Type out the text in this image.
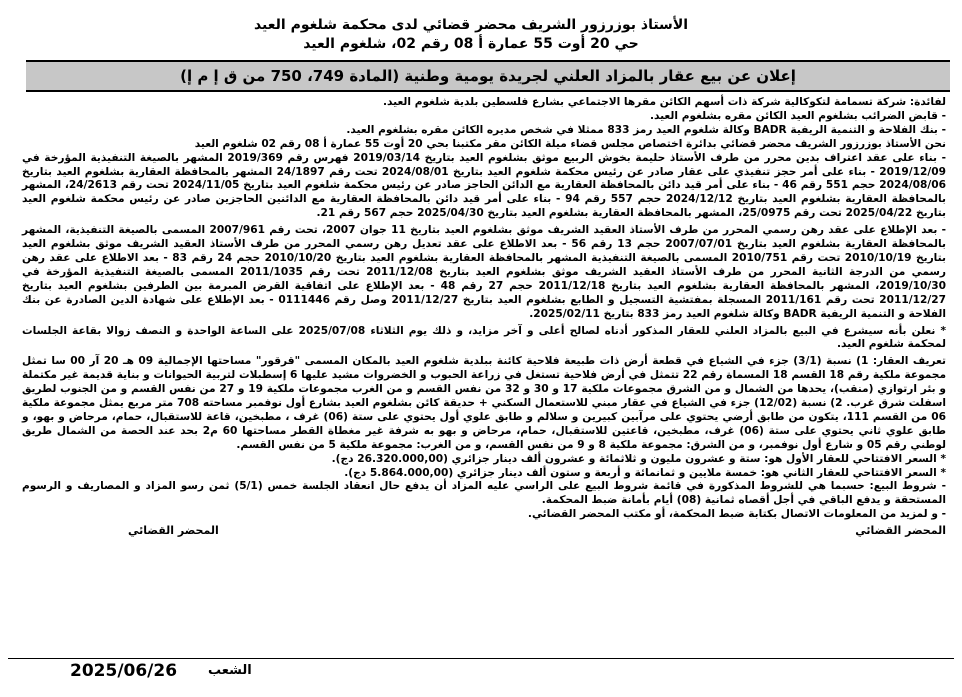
الأستاذ بوزرزور الشريف محضر قضائي لدى محكمة شلغوم العيد
حي 20 أوت 55 عمارة أ 08 رقم 02، شلغوم العيد
إعلان عن بيع عقار بالمزاد العلني لجريدة يومية وطنية (المادة 749، 750 من ق إ م إ)

لفائدة: شركة تسمامة لتكوكالية شركة ذات أسهم الكائن مقرها الاجتماعي بشارع فلسطين بلدية شلغوم العيد.

- قابض الضرائب بشلغوم العيد الكائن مقره بشلغوم العيد.

- بنك الفلاحة و التنمية الريفية BADR وكالة شلغوم العيد رمز 833 ممثلا في شخص مديره الكائن مقره بشلغوم العيد.

نحن الأستاذ بوزرزور الشريف محضر قضائي بدائرة اختصاص مجلس قضاء ميلة الكائن مقر مكتبنا بحي 20 أوت 55 عمارة أ 08 رقم 02 شلغوم العيد

- بناء على عقد اعتراف بدين محرر من طرف الأستاذ حليمة بخوش الربيع موثق بشلغوم العيد بتاريخ 2019/03/14 فهرس رقم 2019/369 المشهر بالصيغة التنفيذية المؤرخة في 2019/12/09 - بناء على أمر حجز تنفيذي على عقار صادر عن رئيس محكمة شلغوم العيد بتاريخ 2024/08/01 تحت رقم 24/1897 المشهر بالمحافظة العقارية بشلغوم العيد بتاريخ 2024/08/06 حجم 551 رقم 46 - بناء على أمر قيد دائن بالمحافظة العقارية مع الدائن الحاجز صادر عن رئيس محكمة شلغوم العيد بتاريخ 2024/11/05 تحت رقم 24/2613، المشهر بالمحافظة العقارية بشلغوم العيد بتاريخ 2024/12/12 حجم 557 رقم 94 - بناء على أمر قيد دائن بالمحافظة العقارية مع الدائنين الحاجزين صادر عن رئيس محكمة شلغوم العيد بتاريخ 2025/04/22 تحت رقم 25/0975، المشهر بالمحافظة العقارية بشلغوم العيد بتاريخ 2025/04/30 حجم 567 رقم 21.

- بعد الإطلاع على عقد رهن رسمي المحرر من طرف الأستاذ العقيد الشريف موثق بشلغوم العيد بتاريخ 11 جوان 2007، تحت رقم 2007/961 المسمى بالصيغة التنفيذية، المشهر بالمحافظة العقارية بشلغوم العيد بتاريخ 2007/07/01 حجم 13 رقم 56 - بعد الاطلاع على عقد تعديل رهن رسمي المحرر من طرف الأستاذ العقيد الشريف موثق بشلغوم العيد بتاريخ 2010/10/19 تحت رقم 2010/751 المسمى بالصيغة التنفيذية المشهر بالمحافظة العقارية بشلغوم العيد بتاريخ 2010/10/20 حجم 24 رقم 83 - بعد الاطلاع على عقد رهن رسمي من الدرجة الثانية المحرر من طرف الأستاذ العقيد الشريف موثق بشلغوم العيد بتاريخ 2011/12/08 تحت رقم 2011/1035 المسمى بالصيغة التنفيذية المؤرخة في 2019/10/30، المشهر بالمحافظة العقارية بشلغوم العيد بتاريخ 2011/12/18 حجم 27 رقم 48 - بعد الإطلاع على اتفاقية القرض المبرمة بين الطرفين بشلغوم العيد بتاريخ 2011/12/27 تحت رقم 2011/161 المسجلة بمفتشية التسجيل و الطابع بشلغوم العيد بتاريخ 2011/12/27 وصل رقم 0111446 - بعد الإطلاع على شهادة الدين الصادرة عن بنك الفلاحة و التنمية الريفية BADR وكالة شلغوم العيد رمز 833 بتاريخ 2025/02/11.

* نعلن بأنه سيشرع في البيع بالمزاد العلني للعقار المذكور أدناه لصالح أعلى و آخر مزايد، و ذلك يوم الثلاثاء 2025/07/08 على الساعة الواحدة و النصف زوالا بقاعة الجلسات لمحكمة شلغوم العيد.

تعريف العقار: 1) نسبة (3/1) جزء في الشياع في قطعة أرض ذات طبيعة فلاحية كائنة ببلدية شلغوم العيد بالمكان المسمى "قرقور" مساحتها الإجمالية 09 هـ 20 آر 00 سا تمثل مجموعة ملكية رقم 18 القسم 18 المسماة رقم 22 تتمثل في أرض فلاحية تستغل في زراعة الحبوب و الخضروات مشيد عليها 6 إسطبلات لتربية الحيوانات و بناية قديمة غير مكتملة و بئر ارتوازي (منقب)، يحدها من الشمال و من الشرق مجموعات ملكية 17 و 30 و 32 من نفس القسم و من الغرب مجموعات ملكية 19 و 27 من نفس القسم و من الجنوب لطريق اسفلت شرق غرب. 2) نسبة (12/02) جزء في الشياع في عقار مبني للاستعمال السكني + حديقة كائن بشلغوم العيد بشارع أول نوفمبر مساحته 708 متر مربع يمثل مجموعة ملكية 06 من القسم 111، يتكون من طابق أرضي يحتوي على مرآبين كبيرين و سلالم و طابق علوي أول يحتوي على ستة (06) غرف ، مطبخين، قاعة للاستقبال، حمام، مرحاض و بهو، و طابق علوي ثاني يحتوي على ستة (06) غرف، مطبخين، قاعتين للاستقبال، حمام، مرحاض و بهو به شرفة غير مغطاة القطر مساحتها 60 م2 بحد عند الحصة من الشمال طريق لوطني رقم 05 و شارع أول نوفمبر، و من الشرق: مجموعة ملكية 8 و 9 من نفس القسم، و من الغرب: مجموعة ملكية 5 من نفس القسم.

* السعر الافتتاحي للعقار الأول هو: ستة و عشرون مليون و ثلاثمائة و عشرون ألف دينار جزائري (26.320.000,00 دج).

* السعر الافتتاحي للعقار الثاني هو: خمسة ملايين و ثمانمائة و أربعة و ستون ألف دينار جزائري (5.864.000,00 دج).

- شروط البيع: حسبما هي للشروط المذكورة في قائمة شروط البيع على الراسي عليه المزاد أن يدفع حال انعقاد الجلسة خمس (5/1) ثمن رسو المزاد و المصاريف و الرسوم المستحقة و يدفع الباقي في أجل أقصاه ثمانية (08) أيام بأمانة ضبط المحكمة.

- و لمزيد من المعلومات الاتصال بكتابة ضبط المحكمة، أو مكتب المحضر القضائي.

المحضر القضائي
المحضر القضائي
الشعب
2025/06/26
